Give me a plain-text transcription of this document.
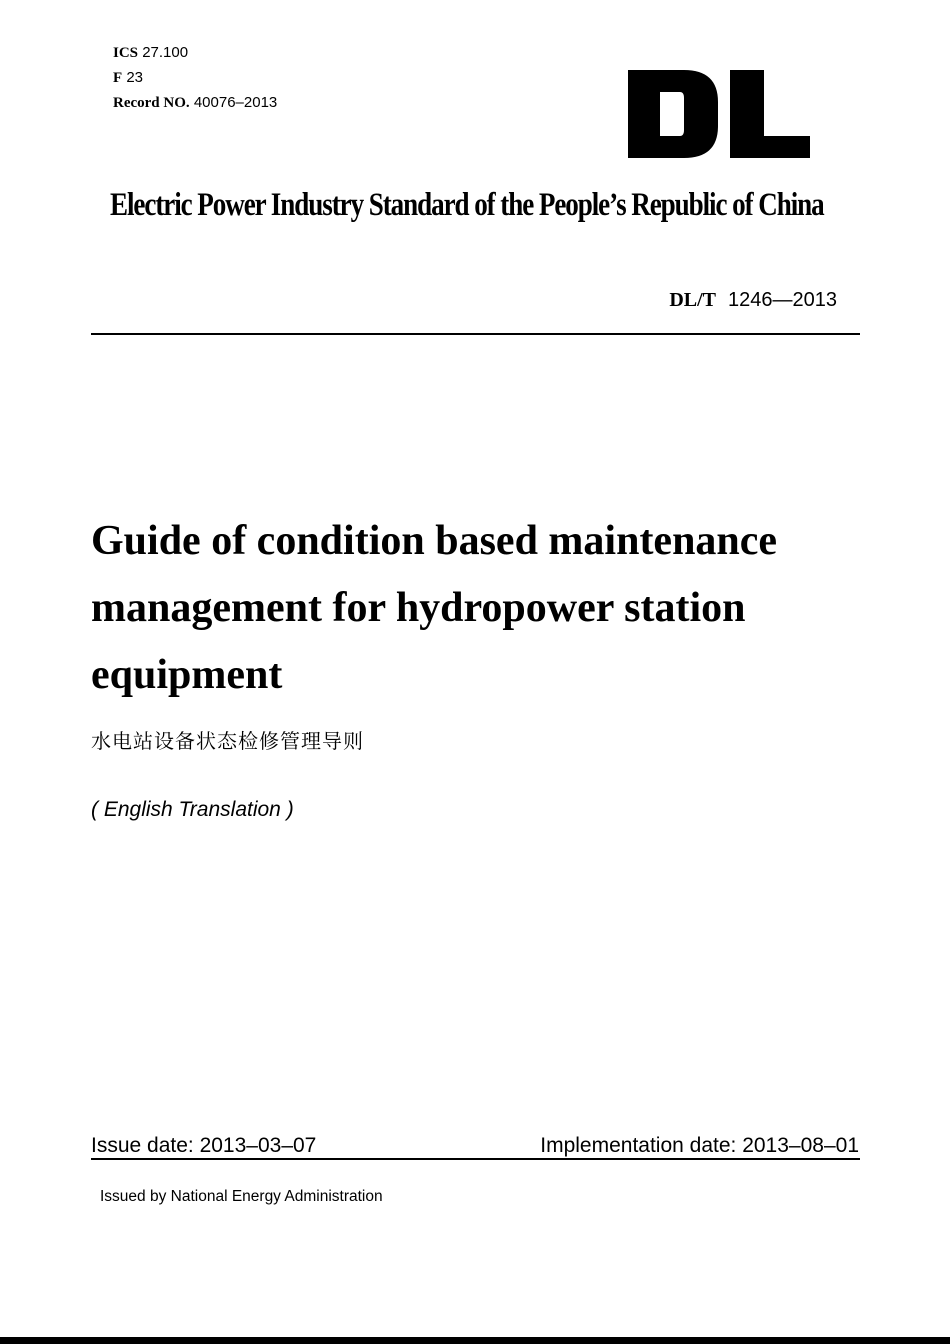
ICS 27.100
F 23
Record NO. 40076–2013
Electric Power Industry Standard of the People’s Republic of China
DL/T 1246—2013
Guide of condition based maintenance
management for hydropower station
equipment
水电站设备状态检修管理导则
( English Translation )
Issue date: 2013–03–07	Implementation date: 2013–08–01
Issued by National Energy Administration
